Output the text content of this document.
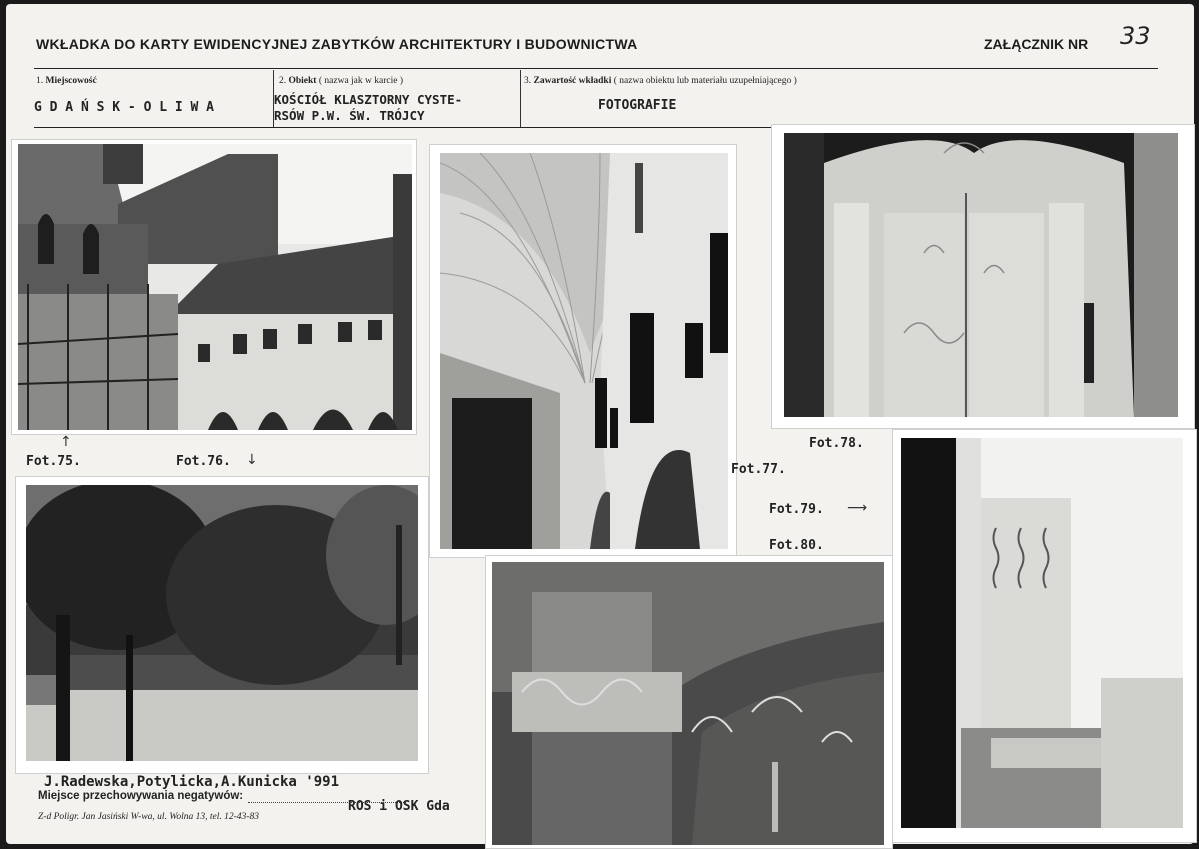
WKŁADKA DO KARTY EWIDENCYJNEJ ZABYTKÓW ARCHITEKTURY I BUDOWNICTWA	ZAŁĄCZNIK NR 33
1. Miejscowość
G D A Ń S K - O L I W A
2. Obiekt ( nazwa jak w karcie )
KOŚCIÓŁ KLASZTORNY CYSTE-
RSÓW P.W. ŚW. TRÓJCY
3. Zawartość wkładki ( nazwa obiektu lub materiału uzupełniającego )
FOTOGRAFIE
↑
Fot.75.	Fot.76. ↓
Fot.77.
Fot.78.
Fot.79. ⟶
Fot.80.
J.Radewska,Potylicka,A.Kunicka '991
Miejsce przechowywania negatywów:
ROS i OSK Gda
Z-d Poligr. Jan Jasiński W-wa, ul. Wolna 13, tel. 12-43-83
